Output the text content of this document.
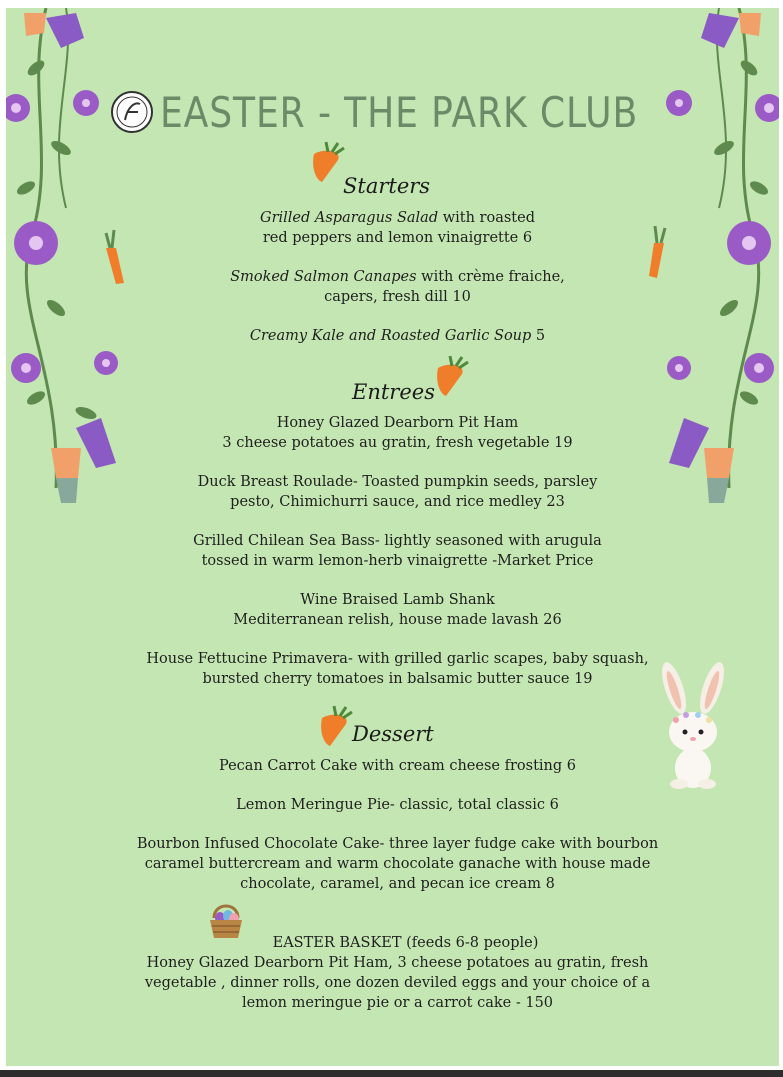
EASTER - THE PARK CLUB
Starters
Grilled Asparagus Salad with roasted
red peppers and lemon vinaigrette 6
Smoked Salmon Canapes with crème fraiche,
capers, fresh dill 10
Creamy Kale and Roasted Garlic Soup 5
Entrees
Honey Glazed Dearborn Pit Ham
3 cheese potatoes au gratin, fresh vegetable 19
Duck Breast Roulade- Toasted pumpkin seeds, parsley
pesto, Chimichurri sauce, and rice medley 23
Grilled Chilean Sea Bass- lightly seasoned with arugula
tossed in warm lemon-herb vinaigrette -Market Price
Wine Braised Lamb Shank
Mediterranean relish, house made lavash 26
House Fettucine Primavera- with grilled garlic scapes, baby squash,
bursted cherry tomatoes in balsamic butter sauce 19
Dessert
Pecan Carrot Cake with cream cheese frosting 6
Lemon Meringue Pie- classic, total classic 6
Bourbon Infused Chocolate Cake- three layer fudge cake with bourbon
caramel buttercream and warm chocolate ganache with house made
chocolate, caramel, and pecan ice cream 8
EASTER BASKET (feeds 6-8 people)
Honey Glazed Dearborn Pit Ham, 3 cheese potatoes au gratin, fresh
vegetable , dinner rolls, one dozen deviled eggs and your choice of a
lemon meringue pie or a carrot cake - 150
